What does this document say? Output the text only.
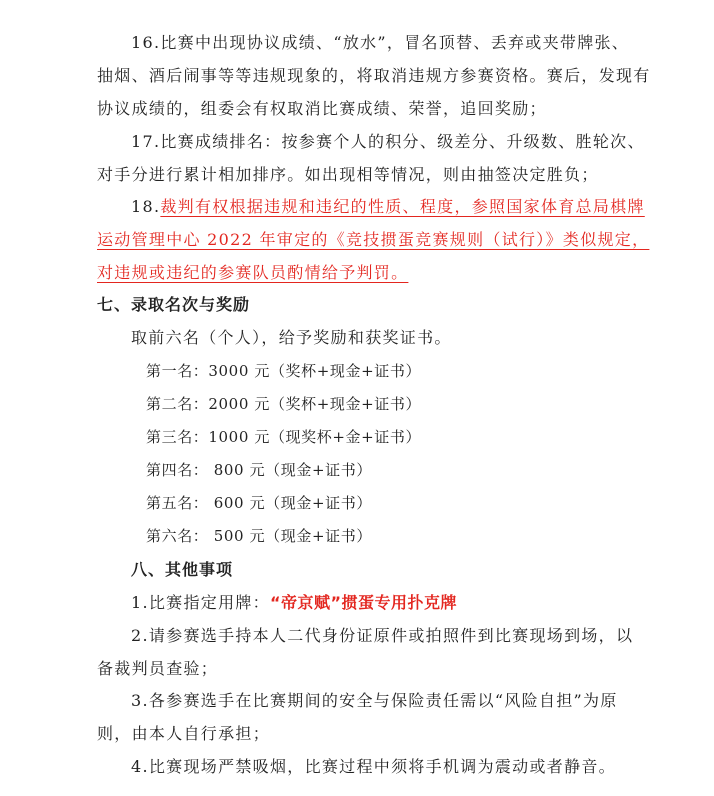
16.比赛中出现协议成绩、“放水”，冒名顶替、丢弃或夹带牌张、
抽烟、酒后闹事等等违规现象的，将取消违规方参赛资格。赛后，发现有
协议成绩的，组委会有权取消比赛成绩、荣誉，追回奖励；
17.比赛成绩排名：按参赛个人的积分、级差分、升级数、胜轮次、
对手分进行累计相加排序。如出现相等情况，则由抽签决定胜负；
18.裁判有权根据违规和违纪的性质、程度，参照国家体育总局棋牌
运动管理中心 2022 年审定的《竞技掼蛋竞赛规则（试行）》类似规定，
对违规或违纪的参赛队员酌情给予判罚。
七、录取名次与奖励
取前六名（个人），给予奖励和获奖证书。
第一名：3000 元（奖杯+现金+证书）
第二名：2000 元（奖杯+现金+证书）
第三名：1000 元（现奖杯+金+证书）
第四名： 800 元（现金+证书）
第五名： 600 元（现金+证书）
第六名： 500 元（现金+证书）
八、其他事项
1.比赛指定用牌：“帝京赋”掼蛋专用扑克牌
2.请参赛选手持本人二代身份证原件或拍照件到比赛现场到场，以
备裁判员查验；
3.各参赛选手在比赛期间的安全与保险责任需以“风险自担”为原
则，由本人自行承担；
4.比赛现场严禁吸烟，比赛过程中须将手机调为震动或者静音。
